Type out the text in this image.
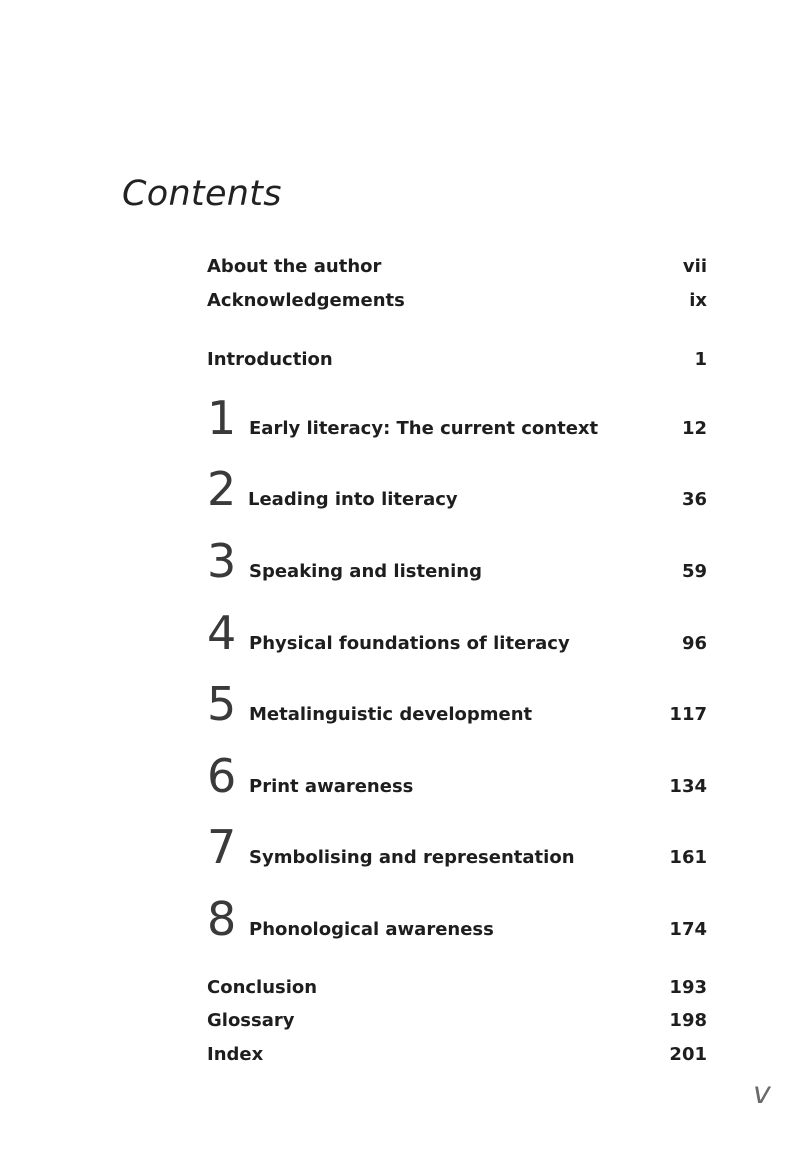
Contents
About the author	vii
Acknowledgements	ix
Introduction	1
1 Early literacy: The current context	12
2 Leading into literacy	36
3 Speaking and listening	59
4 Physical foundations of literacy	96
5 Metalinguistic development	117
6 Print awareness	134
7 Symbolising and representation	161
8 Phonological awareness	174
Conclusion	193
Glossary	198
Index	201
v
